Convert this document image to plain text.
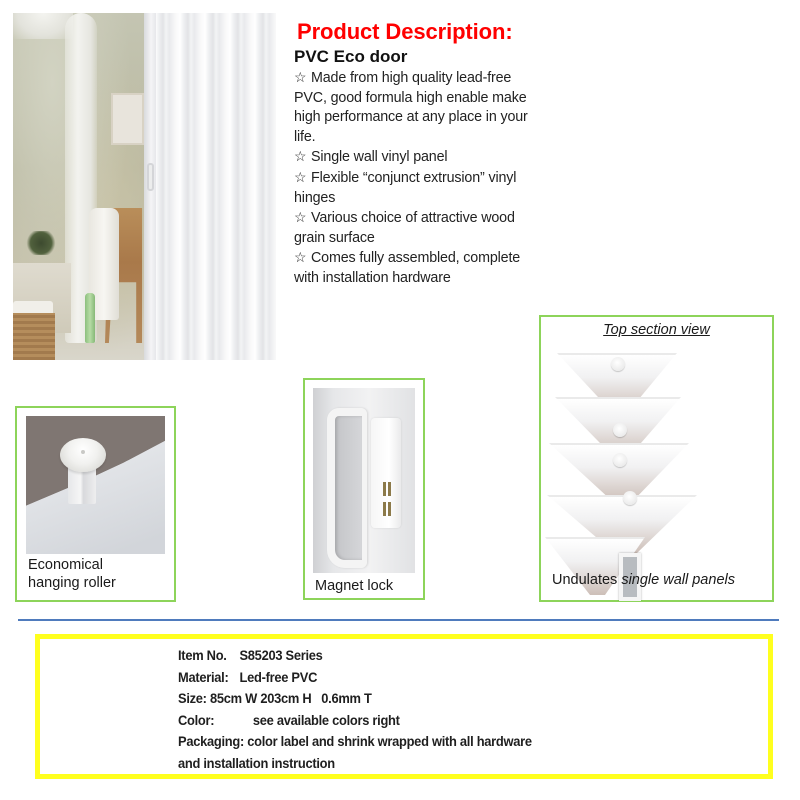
Product Description:
PVC Eco door
☆ Made from high quality lead-free PVC, good formula high enable make high performance at any place in your life.
☆ Single wall vinyl panel
☆ Flexible “conjunct extrusion” vinyl hinges
☆ Various choice of attractive wood grain surface
☆ Comes fully assembled, complete with installation hardware
Economical
hanging roller	Magnet lock
Top section view
Undulates single wall panels
Item No. S85203 Series
Material: Led-free PVC
Size: 85cm W 203cm H   0.6mm T
Color:	see available colors right
Packaging: color label and shrink wrapped with all hardware
and installation instruction
